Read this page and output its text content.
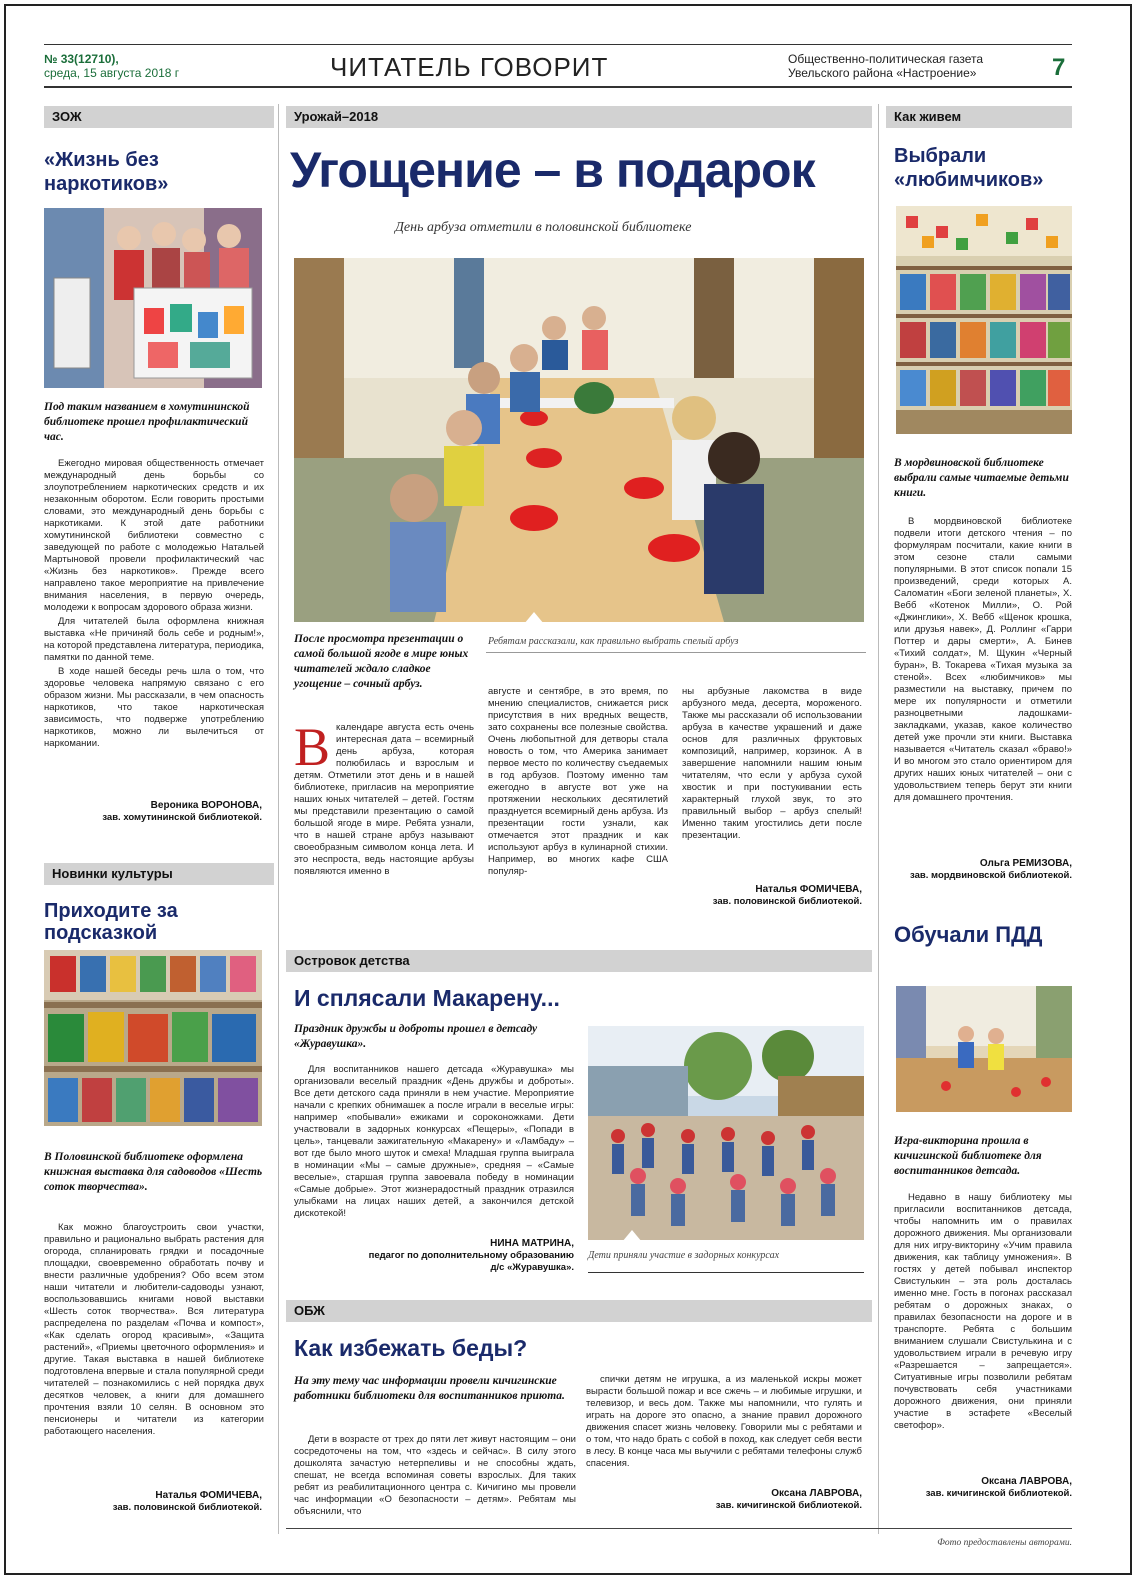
№ 33(12710),
среда, 15 августа 2018 г	ЧИТАТЕЛЬ ГОВОРИТ	Общественно-политическая газета
Увельского района «Настроение»	7
ЗОЖ
«Жизнь без наркотиков»
Под таким названием в хомутининской библиотеке прошел профилактический час.

Ежегодно мировая общественность отмечает международный день борьбы со злоупотреблением наркотических средств и их незаконным оборотом. Если говорить простыми словами, это международный день борьбы с наркотиками. К этой дате работники хомутининской библиотеки совместно с заведующей по работе с молодежью Натальей Мартыновой провели профилактический час «Жизнь без наркотиков». Прежде всего направлено такое мероприятие на привлечение внимания населения, в первую очередь, молодежи к вопросам здорового образа жизни.

Для читателей была оформлена книжная выставка «Не причиняй боль себе и родным!», на которой представлена литература, периодика, памятки по данной теме.

В ходе нашей беседы речь шла о том, что здоровье человека напрямую связано с его образом жизни. Мы рассказали, в чем опасность наркотиков, что такое наркотическая зависимость, что подверже употреблению наркотиков, можно ли вылечиться от наркомании.

Вероника ВОРОНОВА,
зав. хомутининской библиотекой.
Новинки культуры
Приходите за подсказкой
В Половинской библиотеке оформлена книжная выставка для садоводов «Шесть соток творчества».

Как можно благоустроить свои участки, правильно и рационально выбрать растения для огорода, спланировать грядки и посадочные площадки, своевременно обработать почву и внести различные удобрения? Обо всем этом наши читатели и любители-садоводы узнают, воспользовавшись книгами новой выставки «Шесть соток творчества». Вся литература распределена по разделам «Почва и компост», «Как сделать огород красивым», «Защита растений», «Приемы цветочного оформления» и другие. Такая выставка в нашей библиотеке подготовлена впервые и стала популярной среди читателей – познакомились с ней порядка двух десятков человек, а книги для домашнего прочтения взяли 10 селян. В основном это пенсионеры и читатели из категории работающего населения.

Наталья ФОМИЧЕВА,
зав. половинской библиотекой.
Урожай–2018
Угощение – в подарок
День арбуза отметили в половинской библиотеке
После просмотра презентации о самой большой ягоде в мире юных читателей ждало сладкое угощение – сочный арбуз.
Ребятам рассказали, как правильно выбрать спелый арбуз
Вкалендаре августа есть очень интересная дата – всемирный день арбуза, которая полюбилась и взрослым и детям. Отметили этот день и в нашей библиотеке, пригласив на мероприятие наших юных читателей – детей. Гостям мы представили презентацию о самой большой ягоде в мире. Ребята узнали, что в нашей стране арбуз называют своеобразным символом конца лета. И это неспроста, ведь настоящие арбузы появляются именно в
августе и сентябре, в это время, по мнению специалистов, снижается риск присутствия в них вредных веществ, зато сохранены все полезные свойства. Очень любопытной для детворы стала новость о том, что Америка занимает первое место по количеству съедаемых в год арбузов. Поэтому именно там ежегодно в августе вот уже на протяжении нескольких десятилетий празднуется всемирный день арбуза. Из презентации гости узнали, как отмечается этот праздник и как используют арбуз в кулинарной стихии. Например, во многих кафе США популяр-
ны арбузные лакомства в виде арбузного меда, десерта, мороженого. Также мы рассказали об использовании арбуза в качестве украшений и даже основ для различных фруктовых композиций, например, корзинок. А в завершение напомнили нашим юным читателям, что если у арбуза сухой хвостик и при постукивании есть характерный глухой звук, то это правильный выбор – арбуз спелый! Именно таким угостились дети после презентации.
Наталья ФОМИЧЕВА,
зав. половинской библиотекой.
Островок детства
И сплясали Макарену...
Праздник дружбы и доброты прошел в детсаду «Журавушка».

Для воспитанников нашего детсада «Журавушка» мы организовали веселый праздник «День дружбы и доброты». Все дети детского сада приняли в нем участие. Мероприятие начали с крепких обнимашек а после играли в веселые игры: например «побывали» ежиками и сороконожками. Дети участвовали в задорных конкурсах «Пещеры», «Попади в цель», танцевали зажигательную «Макарену» и «Ламбаду» – вот где было много шуток и смеха! Младшая группа выиграла в номинации «Мы – самые дружные», средняя – «Самые веселые», старшая группа завоевала победу в номинации «Самые добрые». Этот жизнерадостный праздник отразился улыбками на лицах наших детей, а закончился детской дискотекой!

НИНА МАТРИНА,
педагог по дополнительному образованию д/с «Журавушка».
Дети приняли участие в задорных конкурсах
ОБЖ
Как избежать беды?
На эту тему час информации провели кичигинские работники библиотеки для воспитанников приюта.

Дети в возрасте от трех до пяти лет живут настоящим – они сосредоточены на том, что «здесь и сейчас». В силу этого дошколята зачастую нетерпеливы и не способны ждать, спешат, не всегда вспоминая советы взрослых. Для таких ребят из реабилитационного центра с. Кичигино мы провели час информации «О безопасности – детям». Ребятам мы объяснили, что

спички детям не игрушка, а из маленькой искры может вырасти большой пожар и все сжечь – и любимые игрушки, и телевизор, и весь дом. Также мы напомнили, что гулять и играть на дороге это опасно, а знание правил дорожного движения спасет жизнь человеку. Говорили мы с ребятами и о том, что надо брать с собой в поход, как следует себя вести в лесу. В конце часа мы выучили с ребятами телефоны служб спасения.

Оксана ЛАВРОВА,
зав. кичигинской библиотекой.
Как живем
Выбрали «любимчиков»
В мордвиновской библиотеке выбрали самые читаемые детьми книги.

В мордвиновской библиотеке подвели итоги детского чтения – по формулярам посчитали, какие книги в этом сезоне стали самыми популярными. В этот список попали 15 произведений, среди которых А. Саломатин «Боги зеленой планеты», Х. Вебб «Котенок Милли», О. Рой «Джинглики», Х. Вебб «Щенок крошка, или друзья навек», Д. Роллинг «Гарри Поттер и дары смерти», А. Бинев «Тихий солдат», М. Щукин «Черный буран», В. Токарева «Тихая музыка за стеной». Всех «любимчиков» мы разместили на выставку, причем по мере их популярности и отметили разноцветными ладошками-закладками, указав, какое количество детей уже прочли эти книги. Выставка называется «Читатель сказал «браво!» И во многом это стало ориентиром для других наших юных читателей – они с удовольствием теперь берут эти книги для домашнего прочтения.

Ольга РЕМИЗОВА,
зав. мордвиновской библиотекой.
Обучали ПДД
Игра-викторина прошла в кичигинской библиотеке для воспитанников детсада.

Недавно в нашу библиотеку мы пригласили воспитанников детсада, чтобы напомнить им о правилах дорожного движения. Мы организовали для них игру-викторину «Учим правила движения, как таблицу умножения». В гостях у детей побывал инспектор Свистулькин – эта роль досталась именно мне. Гость в погонах рассказал ребятам о дорожных знаках, о правилах безопасности на дороге и в транспорте. Ребята с большим вниманием слушали Свистулькина и с удовольствием играли в речевую игру «Разрешается – запрещается». Ситуативные игры позволили ребятам почувствовать себя участниками дорожного движения, они приняли участие в эстафете «Веселый светофор».

Оксана ЛАВРОВА,
зав. кичигинской библиотекой.
Фото предоставлены авторами.
